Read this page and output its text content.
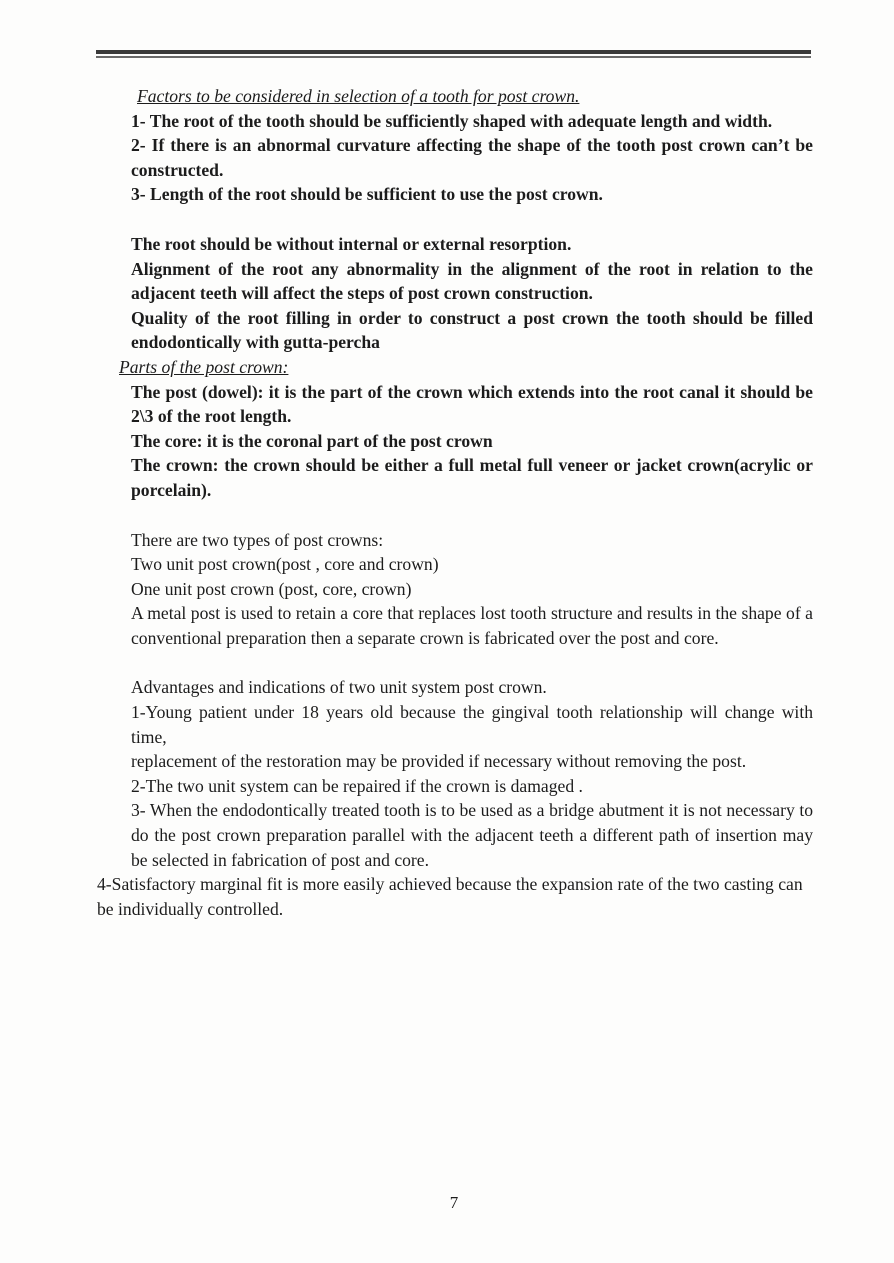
Factors to be considered in selection of a tooth for post crown.

1- The root of the tooth should be sufficiently shaped with adequate length and width.

2- If there is an abnormal curvature affecting the shape of the tooth post crown can’t be constructed.

3- Length of the root should be sufficient to use the post crown.

The root should be without internal or external resorption.

Alignment of the root any abnormality in the alignment of the root in relation to the adjacent teeth will affect the steps of post crown construction.

Quality of the root filling in order to construct a post crown the tooth should be filled endodontically with gutta-percha

Parts of the post crown:

The post (dowel): it is the part of the crown which extends into the root canal it should be 2\3 of the root length.

The core: it is the coronal part of the post crown

The crown: the crown should be either a full metal full veneer or jacket crown(acrylic or porcelain).

There are two types of post crowns:

Two unit post crown(post , core and crown)

One unit post crown (post, core, crown)

A metal post is used to retain a core that replaces lost tooth structure and results in the shape of a conventional preparation then a separate crown is fabricated over the post and core.

Advantages and indications of two unit system post crown.

1-Young patient under 18 years old because the gingival tooth relationship will change with time,

replacement of the restoration may be provided if necessary without removing the post.

2-The two unit system can be repaired if the crown is damaged .

3- When the endodontically treated tooth is to be used as a bridge abutment it is not necessary to do the post crown preparation parallel with the adjacent teeth a different path of insertion may be selected in fabrication of post and core.

4-Satisfactory marginal fit is more easily achieved because the expansion rate of the two casting can be individually controlled.

7
